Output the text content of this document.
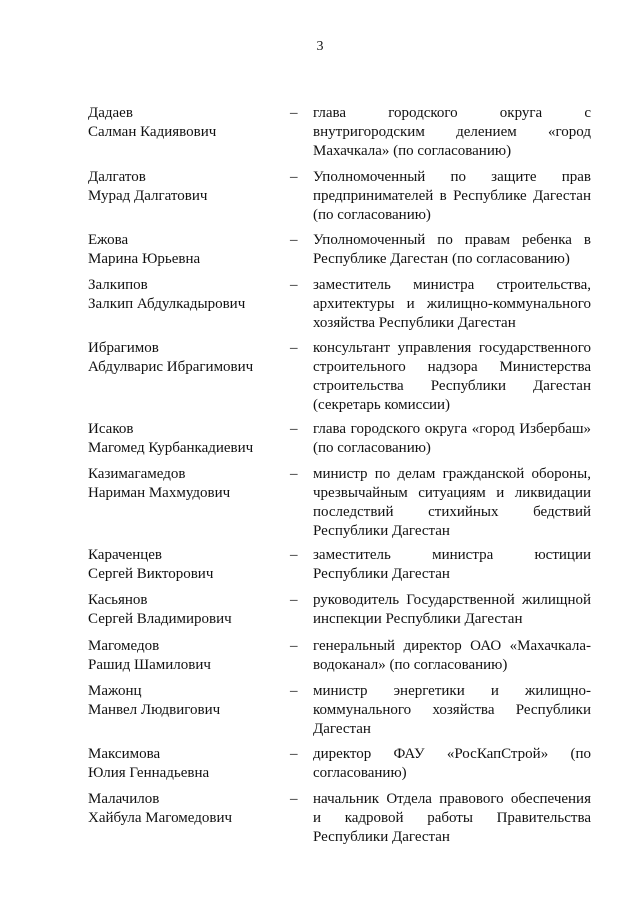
3
Дадаев
Салман Кадиявович
– глава городского округа с внутригородским делением «город Махачкала» (по согласованию)
Далгатов
Мурад Далгатович
– Уполномоченный по защите прав предпринимателей в Республике Дагестан (по согласованию)
Ежова
Марина Юрьевна
– Уполномоченный по правам ребенка в Республике Дагестан (по согласованию)
Залкипов
Залкип Абдулкадырович
– заместитель министра строительства, архитектуры и жилищно-коммунального хозяйства Республики Дагестан
Ибрагимов
Абдулварис Ибрагимович
– консультант управления государственного строительного надзора Министерства строительства Республики Дагестан (секретарь комиссии)
Исаков
Магомед Курбанкадиевич
– глава городского округа «город Избербаш» (по согласованию)
Казимагамедов
Нариман Махмудович
– министр по делам гражданской обороны, чрезвычайным ситуациям и ликвидации последствий стихийных бедствий Республики Дагестан
Караченцев
Сергей Викторович
– заместитель министра юстиции Республики Дагестан
Касьянов
Сергей Владимирович
– руководитель Государственной жилищной инспекции Республики Дагестан
Магомедов
Рашид Шамилович
– генеральный директор ОАО «Махачкала-водоканал» (по согласованию)
Мажонц
Манвел Людвигович
– министр энергетики и жилищно-коммунального хозяйства Республики Дагестан
Максимова
Юлия Геннадьевна
– директор ФАУ «РосКапСтрой» (по согласованию)
Малачилов
Хайбула Магомедович
– начальник Отдела правового обеспечения и кадровой работы Правительства Республики Дагестан
